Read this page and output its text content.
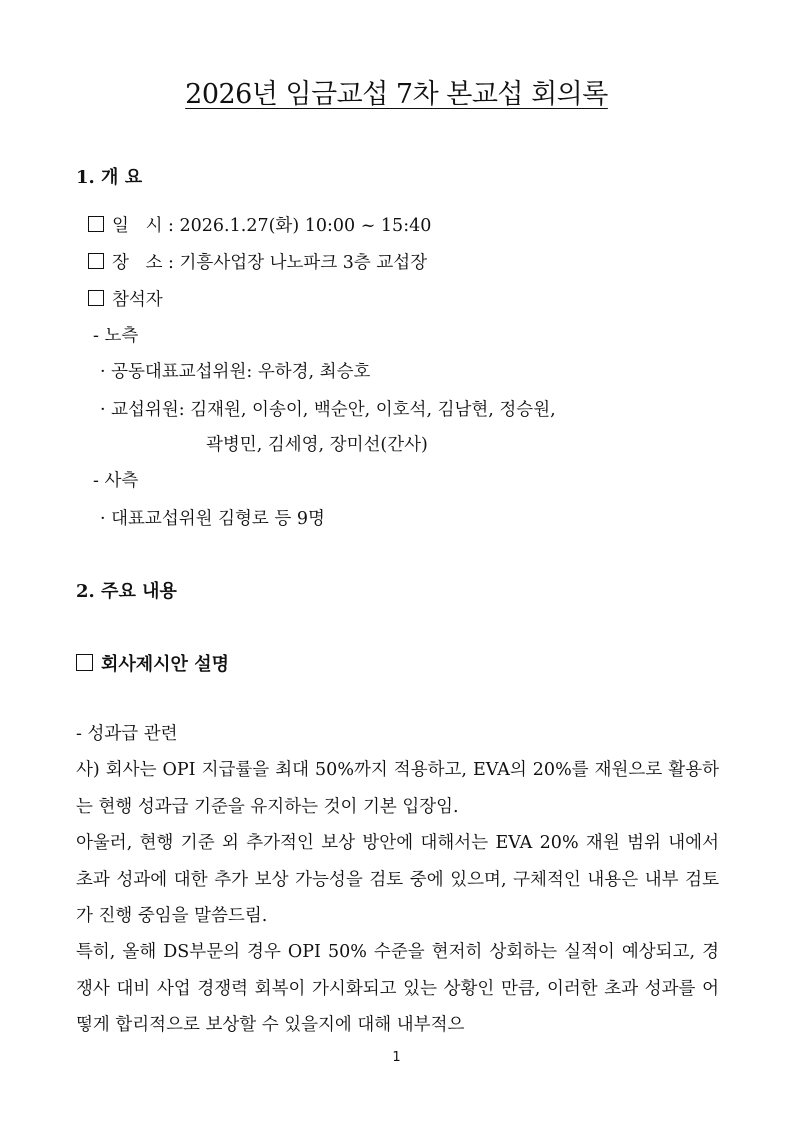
2026년 임금교섭 7차 본교섭 회의록
1. 개 요
일   시 : 2026.1.27(화) 10:00 ~ 15:40
장   소 : 기흥사업장 나노파크 3층 교섭장
참석자
- 노측
· 공동대표교섭위원: 우하경, 최승호
· 교섭위원: 김재원, 이송이, 백순안, 이호석, 김남현, 정승원,
곽병민, 김세영, 장미선(간사)
- 사측
· 대표교섭위원 김형로 등 9명
2. 주요 내용
회사제시안 설명
- 성과급 관련
사) 회사는 OPI 지급률을 최대 50%까지 적용하고, EVA의 20%를 재원으로 활용하는 현행 성과급 기준을 유지하는 것이 기본 입장임.
아울러, 현행 기준 외 추가적인 보상 방안에 대해서는 EVA 20% 재원 범위 내에서 초과 성과에 대한 추가 보상 가능성을 검토 중에 있으며, 구체적인 내용은 내부 검토가 진행 중임을 말씀드림.
특히, 올해 DS부문의 경우 OPI 50% 수준을 현저히 상회하는 실적이 예상되고, 경쟁사 대비 사업 경쟁력 회복이 가시화되고 있는 상황인 만큼, 이러한 초과 성과를 어떻게 합리적으로 보상할 수 있을지에 대해 내부적으
1
